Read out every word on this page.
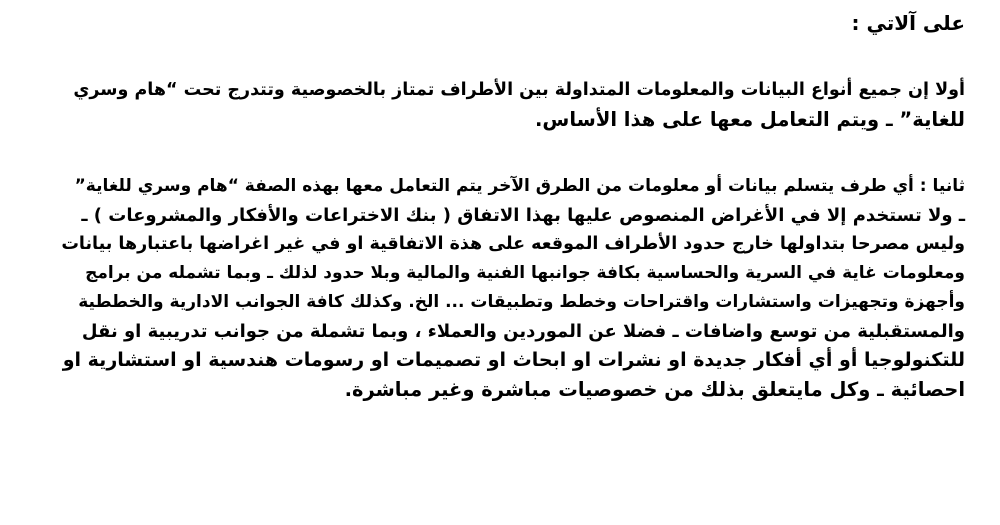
على آلاتي :

أولا إن جميع أنواع البيانات والمعلومات المتداولة بين الأطراف تمتاز بالخصوصية وتتدرج تحت “هام وسري
للغاية” ـ ويتم التعامل معها على هذا الأساس.

ثانيا : أي طرف يتسلم بيانات أو معلومات من الطرق الآخر يتم التعامل معها بهذه الصفة “هام وسري للغاية”
ـ ولا تستخدم إلا في الأغراض المنصوص عليها بهذا الاتفاق ( بنك الاختراعات والأفكار والمشروعات ) ـ
وليس مصرحا بتداولها خارج حدود الأطراف الموقعه على هذة الاتفاقية او في غير اغراضها باعتبارها بيانات
ومعلومات غاية في السرية والحساسية بكافة جوانبها الفنية والمالية وبلا حدود لذلك ـ وبما تشمله من برامج
وأجهزة وتجهيزات واستشارات واقتراحات وخطط وتطبيقات ... الخ. وكذلك كافة الجوانب الادارية والخططية
والمستقبلية من توسع واضافات ـ فضلا عن الموردين والعملاء ، وبما تشملة من جوانب تدريبية او نقل
للتكنولوجيا أو أي أفكار جديدة او نشرات او ابحاث او تصميمات او رسومات هندسية او استشارية او
احصائية ـ وكل مايتعلق بذلك من خصوصيات مباشرة وغير مباشرة.
